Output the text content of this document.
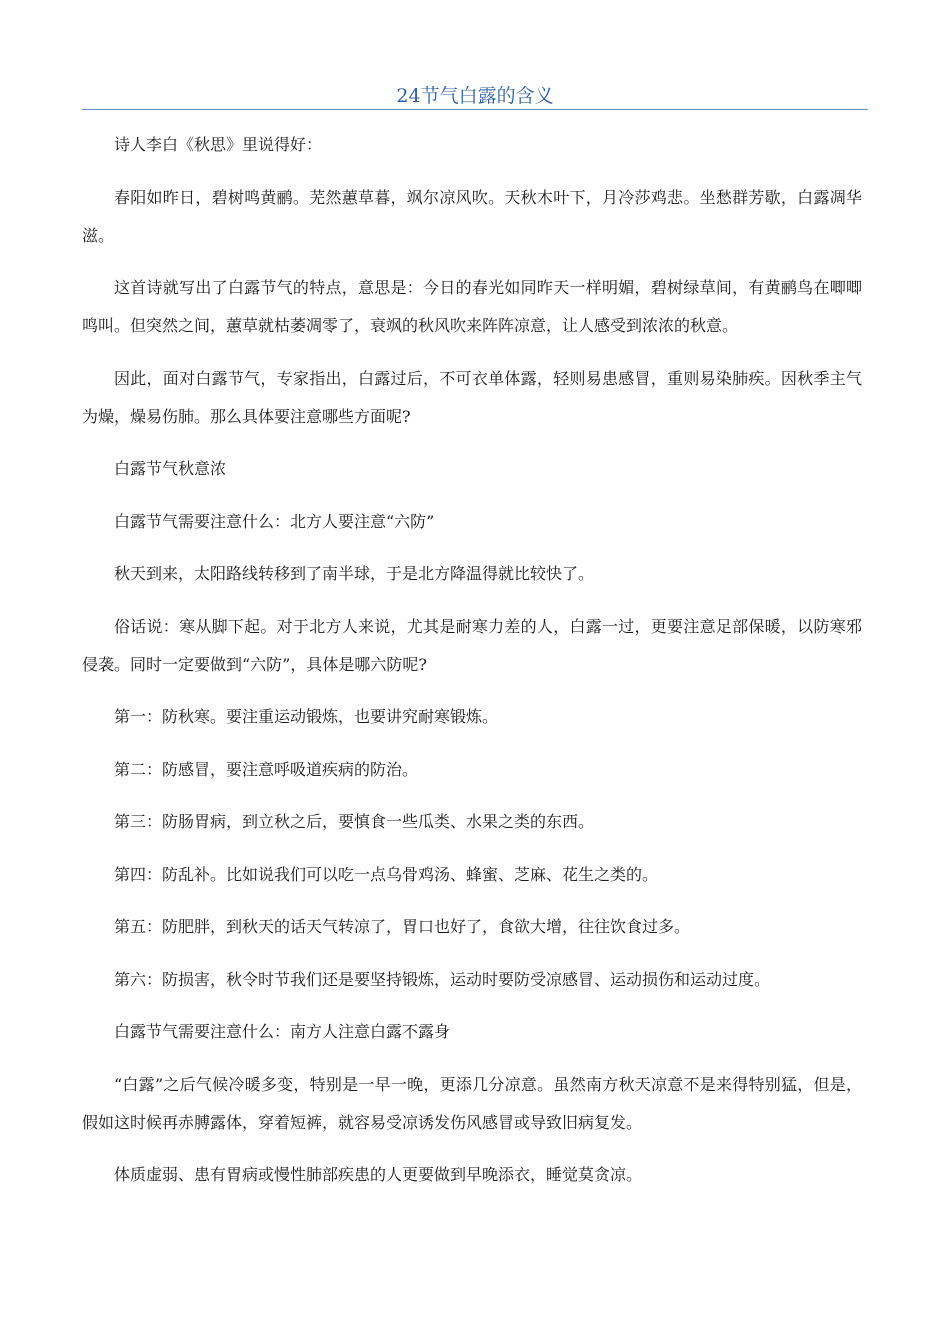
24节气白露的含义

诗人李白《秋思》里说得好：

春阳如昨日，碧树鸣黄鹂。芜然蕙草暮，飒尔凉风吹。天秋木叶下，月冷莎鸡悲。坐愁群芳歇，白露凋华滋。

这首诗就写出了白露节气的特点，意思是：今日的春光如同昨天一样明媚，碧树绿草间，有黄鹂鸟在唧唧鸣叫。但突然之间，蕙草就枯萎凋零了，衰飒的秋风吹来阵阵凉意，让人感受到浓浓的秋意。

因此，面对白露节气，专家指出，白露过后，不可衣单体露，轻则易患感冒，重则易染肺疾。因秋季主气为燥，燥易伤肺。那么具体要注意哪些方面呢?

白露节气秋意浓

白露节气需要注意什么：北方人要注意“六防”

秋天到来，太阳路线转移到了南半球，于是北方降温得就比较快了。

俗话说：寒从脚下起。对于北方人来说，尤其是耐寒力差的人，白露一过，更要注意足部保暖，以防寒邪侵袭。同时一定要做到“六防”，具体是哪六防呢?

第一：防秋寒。要注重运动锻炼，也要讲究耐寒锻炼。

第二：防感冒，要注意呼吸道疾病的防治。

第三：防肠胃病，到立秋之后，要慎食一些瓜类、水果之类的东西。

第四：防乱补。比如说我们可以吃一点乌骨鸡汤、蜂蜜、芝麻、花生之类的。

第五：防肥胖，到秋天的话天气转凉了，胃口也好了，食欲大增，往往饮食过多。

第六：防损害，秋令时节我们还是要坚持锻炼，运动时要防受凉感冒、运动损伤和运动过度。

白露节气需要注意什么：南方人注意白露不露身

“白露”之后气候冷暖多变，特别是一早一晚，更添几分凉意。虽然南方秋天凉意不是来得特别猛，但是，假如这时候再赤膊露体，穿着短裤，就容易受凉诱发伤风感冒或导致旧病复发。

体质虚弱、患有胃病或慢性肺部疾患的人更要做到早晚添衣，睡觉莫贪凉。
